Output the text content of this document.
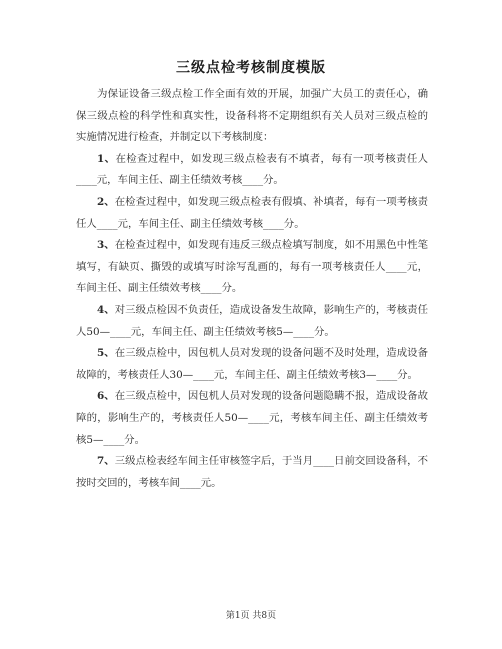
三级点检考核制度模版

为保证设备三级点检工作全面有效的开展，加强广大员工的责任心，确保三级点检的科学性和真实性，设备科将不定期组织有关人员对三级点检的实施情况进行检查，并制定以下考核制度：

1、在检查过程中，如发现三级点检表有不填者，每有一项考核责任人____元，车间主任、副主任绩效考核____分。

2、在检查过程中，如发现三级点检表有假填、补填者，每有一项考核责任人____元，车间主任、副主任绩效考核____分。

3、在检查过程中，如发现有违反三级点检填写制度，如不用黑色中性笔填写，有缺页、撕毁的或填写时涂写乱画的，每有一项考核责任人____元，车间主任、副主任绩效考核____分。

4、对三级点检因不负责任，造成设备发生故障，影响生产的，考核责任人50—____元，车间主任、副主任绩效考核5—____分。

5、在三级点检中，因包机人员对发现的设备问题不及时处理，造成设备故障的，考核责任人30—____元，车间主任、副主任绩效考核3—____分。

6、在三级点检中，因包机人员对发现的设备问题隐瞒不报，造成设备故障的，影响生产的，考核责任人50—____元，考核车间主任、副主任绩效考核5—____分。

7、三级点检表经车间主任审核签字后，于当月____日前交回设备科，不按时交回的，考核车间____元。

第1页 共8页
